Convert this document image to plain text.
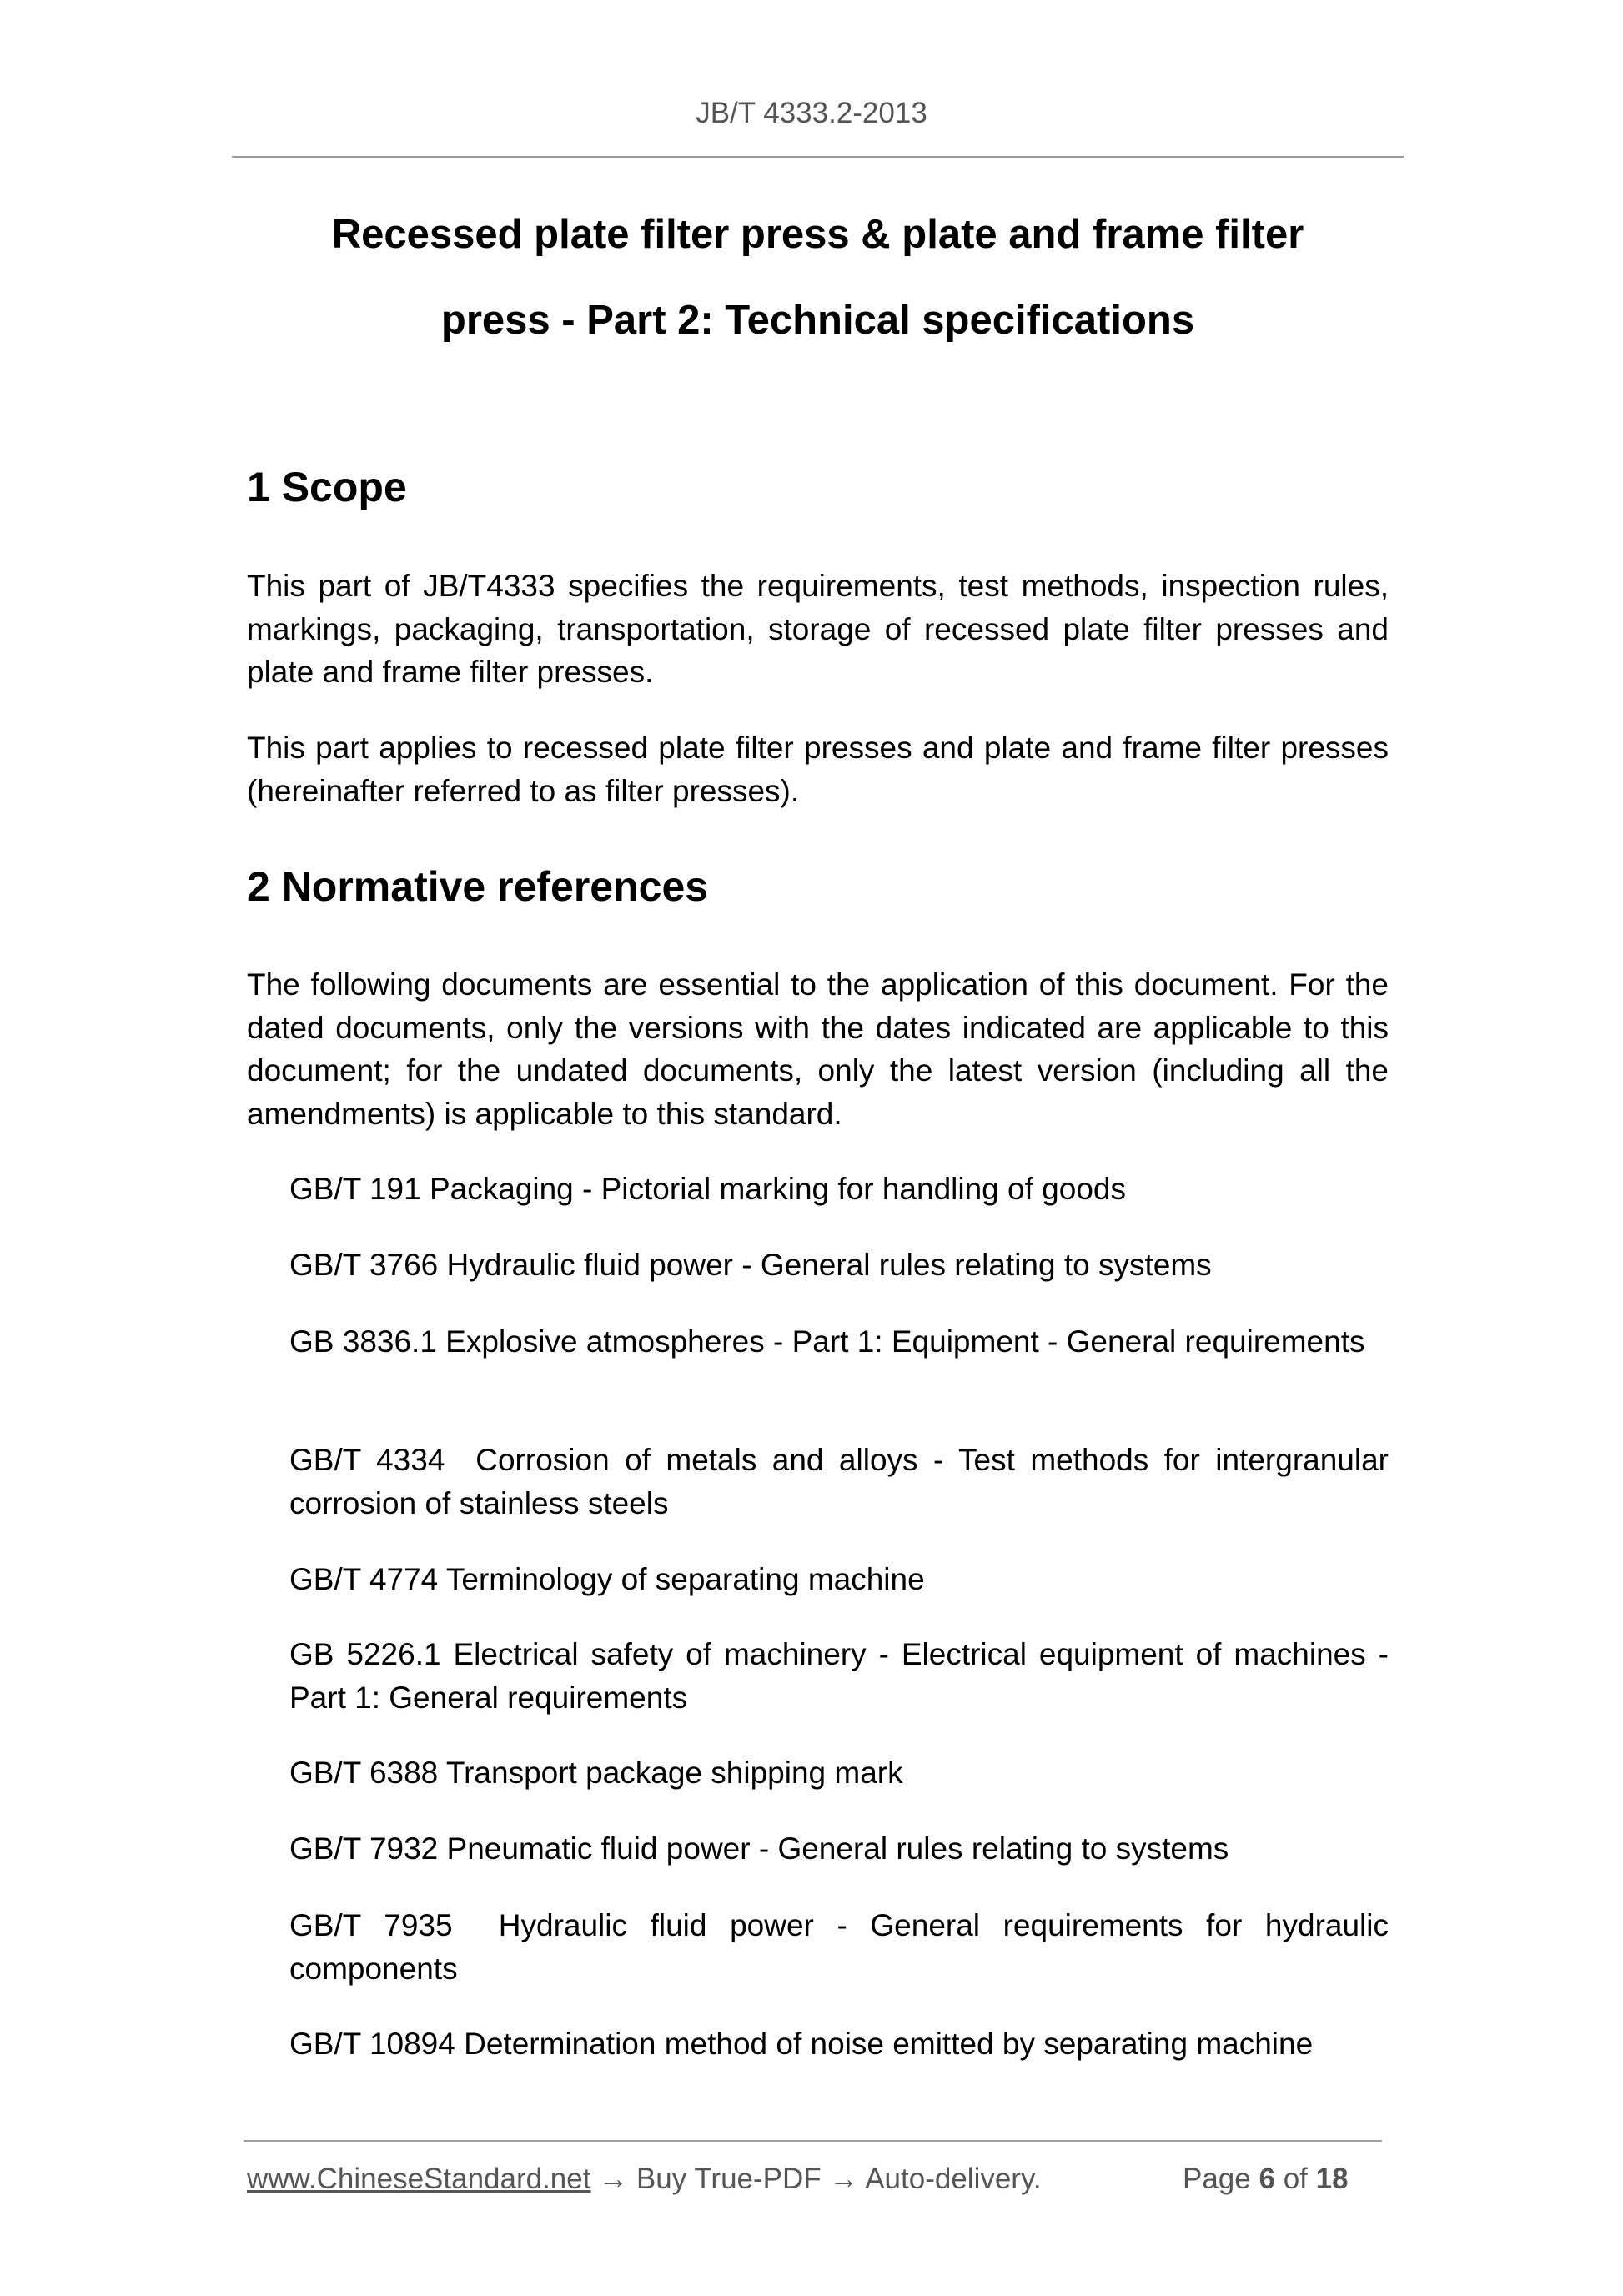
JB/T 4333.2-2013
Recessed plate filter press & plate and frame filter
press - Part 2: Technical specifications
1 Scope
This part of JB/T4333 specifies the requirements, test methods, inspection rules, markings, packaging, transportation, storage of recessed plate filter presses and plate and frame filter presses.
This part applies to recessed plate filter presses and plate and frame filter presses (hereinafter referred to as filter presses).
2 Normative references
The following documents are essential to the application of this document. For the dated documents, only the versions with the dates indicated are applicable to this document; for the undated documents, only the latest version (including all the amendments) is applicable to this standard.
GB/T 191 Packaging - Pictorial marking for handling of goods
GB/T 3766 Hydraulic fluid power - General rules relating to systems
GB 3836.1 Explosive atmospheres - Part 1: Equipment - General requirements
GB/T 4334  Corrosion of metals and alloys - Test methods for intergranular corrosion of stainless steels
GB/T 4774 Terminology of separating machine
GB 5226.1 Electrical safety of machinery - Electrical equipment of machines - Part 1: General requirements
GB/T 6388 Transport package shipping mark
GB/T 7932 Pneumatic fluid power - General rules relating to systems
GB/T 7935  Hydraulic fluid power - General requirements for hydraulic components
GB/T 10894 Determination method of noise emitted by separating machine
www.ChineseStandard.net → Buy True-PDF → Auto-delivery.	Page 6 of 18
